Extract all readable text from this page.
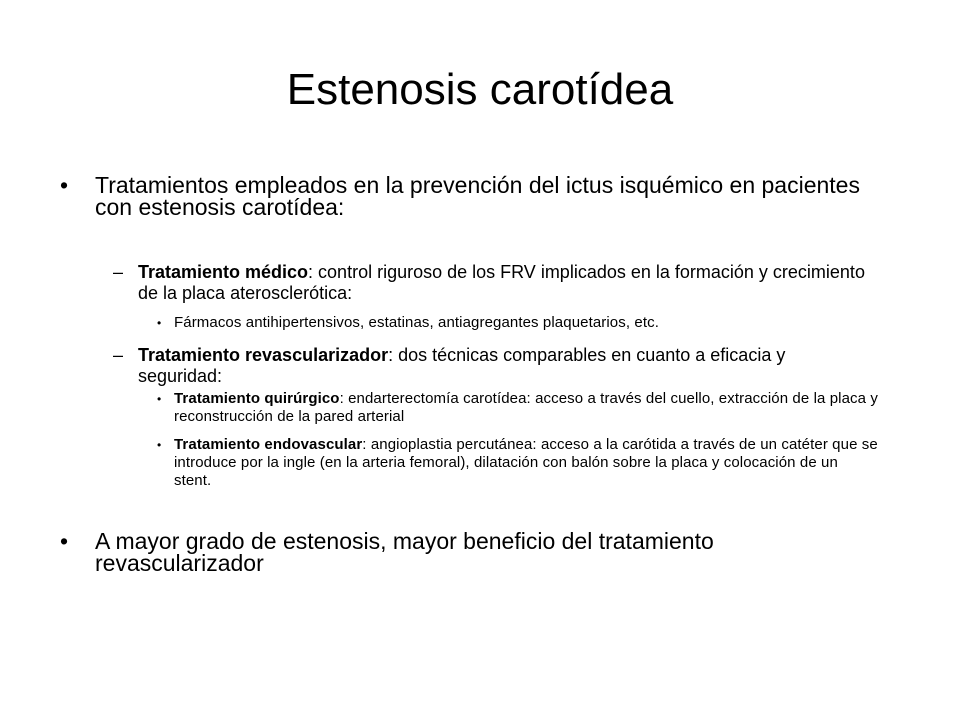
Estenosis carotídea
• Tratamientos empleados en la prevención del ictus isquémico en pacientes con estenosis carotídea:
– Tratamiento médico: control riguroso de los FRV implicados en la formación y crecimiento de la placa aterosclerótica:
• Fármacos antihipertensivos, estatinas, antiagregantes plaquetarios, etc.
– Tratamiento revascularizador: dos técnicas comparables en cuanto a eficacia y seguridad:
• Tratamiento quirúrgico: endarterectomía carotídea: acceso a través del cuello, extracción de la placa y reconstrucción de la pared arterial
• Tratamiento endovascular: angioplastia percutánea: acceso a la carótida a través de un catéter que se introduce por la ingle (en la arteria femoral), dilatación con balón sobre la placa y colocación de un stent.
• A mayor grado de estenosis, mayor beneficio del tratamiento revascularizador
